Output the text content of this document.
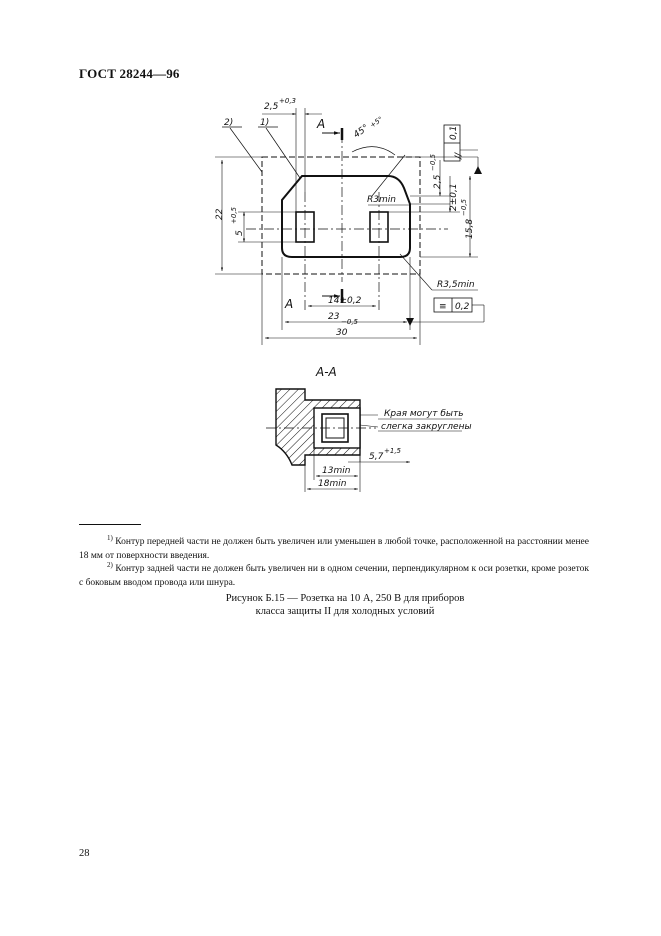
ГОСТ 28244—96
2)	1)
2,5
+0,3
A	45°
+5°
//
0,1
22
5
+0,5
R3min
2,5
−0,5
2±0,1
15,8
−0,5
R3,5min
≡ 0,2
A	14±0,2
23 −0,5
30
A-A
Края могут быть
слегка закруглены
5,7
+1,5
13min
18min
$^{1)}$ Контур передней части не должен быть увеличен или уменьшен в любой точке, расположенной на расстоянии менее 18 мм от поверхности введения.
$^{2)}$ Контур задней части не должен быть увеличен ни в одном сечении, перпендикулярном к оси розетки, кроме розеток с боковым вводом провода или шнура.
Рисунок Б.15 — Розетка на 10 А, 250 В для приборов
класса защиты II для холодных условий
28
